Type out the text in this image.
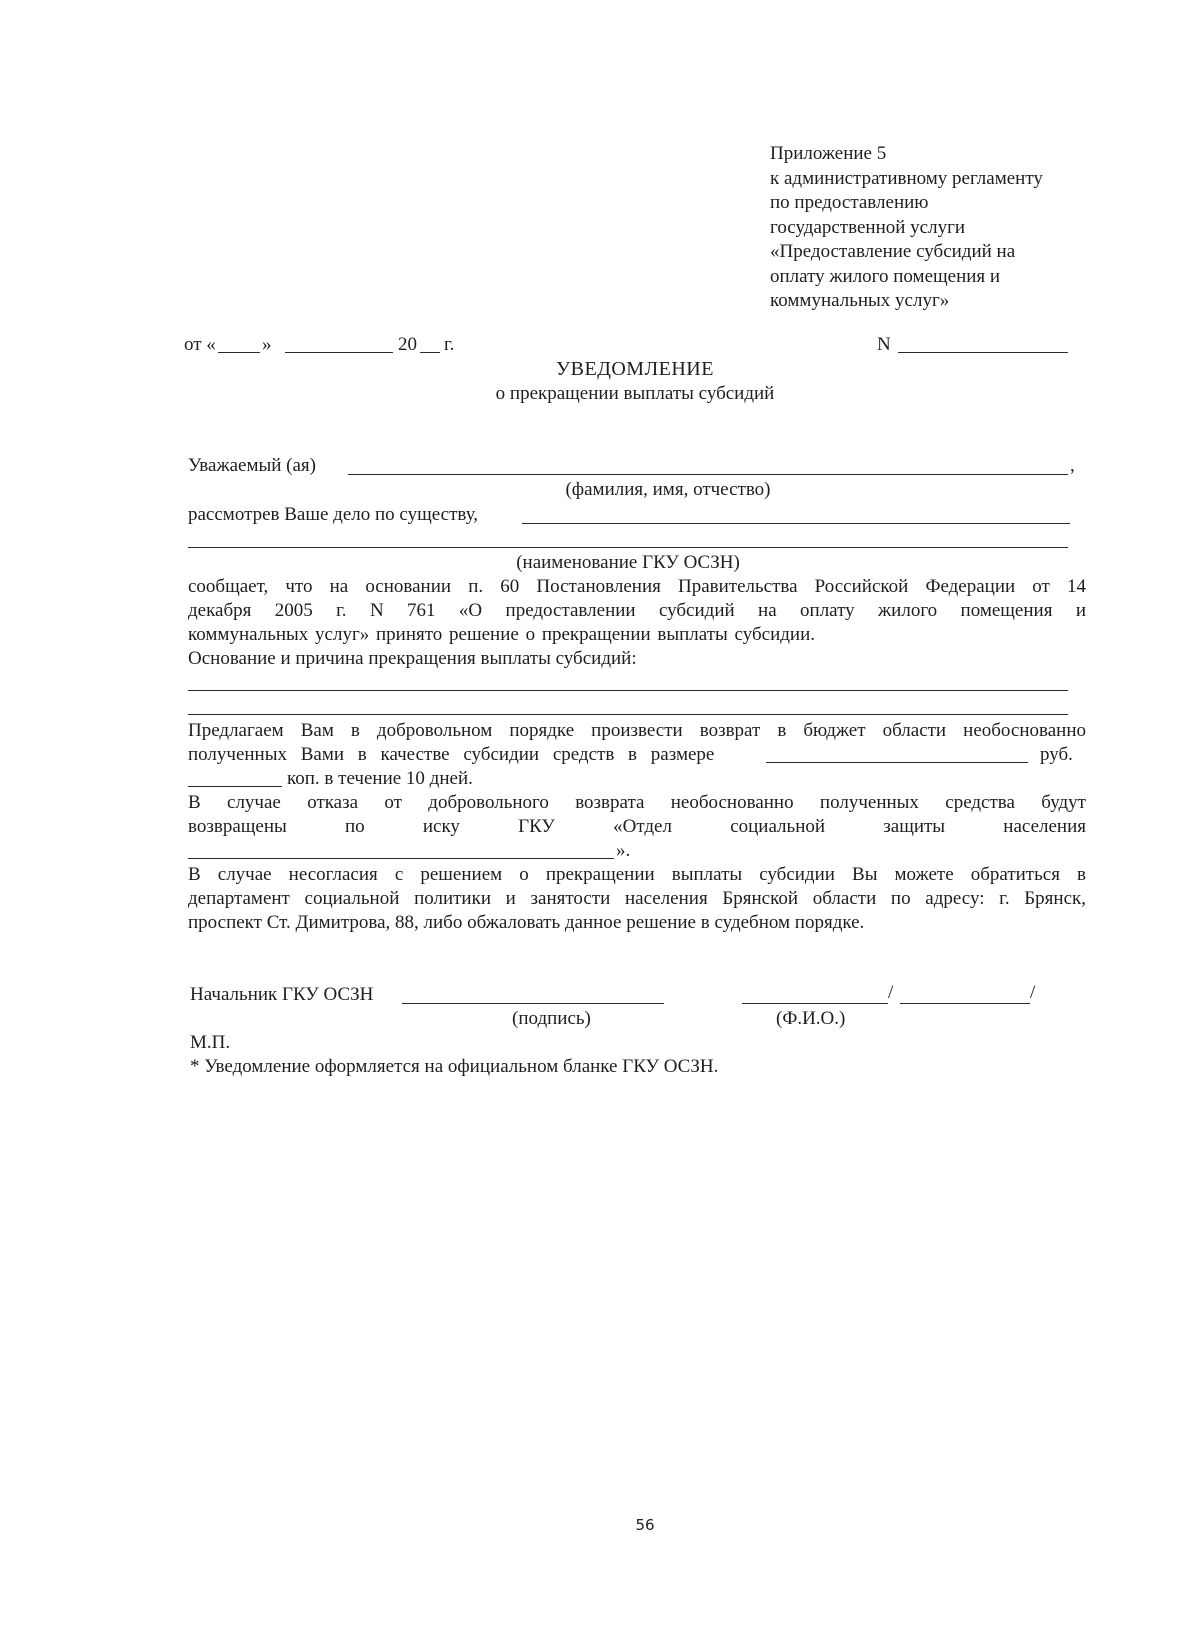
Приложение 5
к административному регламенту
по предоставлению
государственной услуги
«Предоставление субсидий на
оплату жилого помещения и
коммунальных услуг»
от « »	20 г.	N
УВЕДОМЛЕНИЕ
о прекращении выплаты субсидий
Уважаемый (ая)	,
(фамилия, имя, отчество)
рассмотрев Ваше дело по существу,
(наименование ГКУ ОСЗН)
сообщает, что на основании п. 60 Постановления Правительства Российской Федерации от 14
декабря 2005 г. N 761 «О предоставлении субсидий на оплату жилого помещения и
коммунальных услуг» принято решение о прекращении выплаты субсидии.
Основание и причина прекращения выплаты субсидий:
Предлагаем Вам в добровольном порядке произвести возврат в бюджет области необоснованно
полученных Вами в качестве субсидии средств в размере	руб.
коп. в течение 10 дней.
В случае отказа от добровольного возврата необоснованно полученных средства будут
возвращены по иску ГКУ «Отдел социальной защиты населения
».
В случае несогласия с решением о прекращении выплаты субсидии Вы можете обратиться в
департамент социальной политики и занятости населения Брянской области по адресу: г. Брянск,
проспект Ст. Димитрова, 88, либо обжаловать данное решение в судебном порядке.
Начальник ГКУ ОСЗН	/	/
(подпись)	(Ф.И.О.)
М.П.
* Уведомление оформляется на официальном бланке ГКУ ОСЗН.
56
